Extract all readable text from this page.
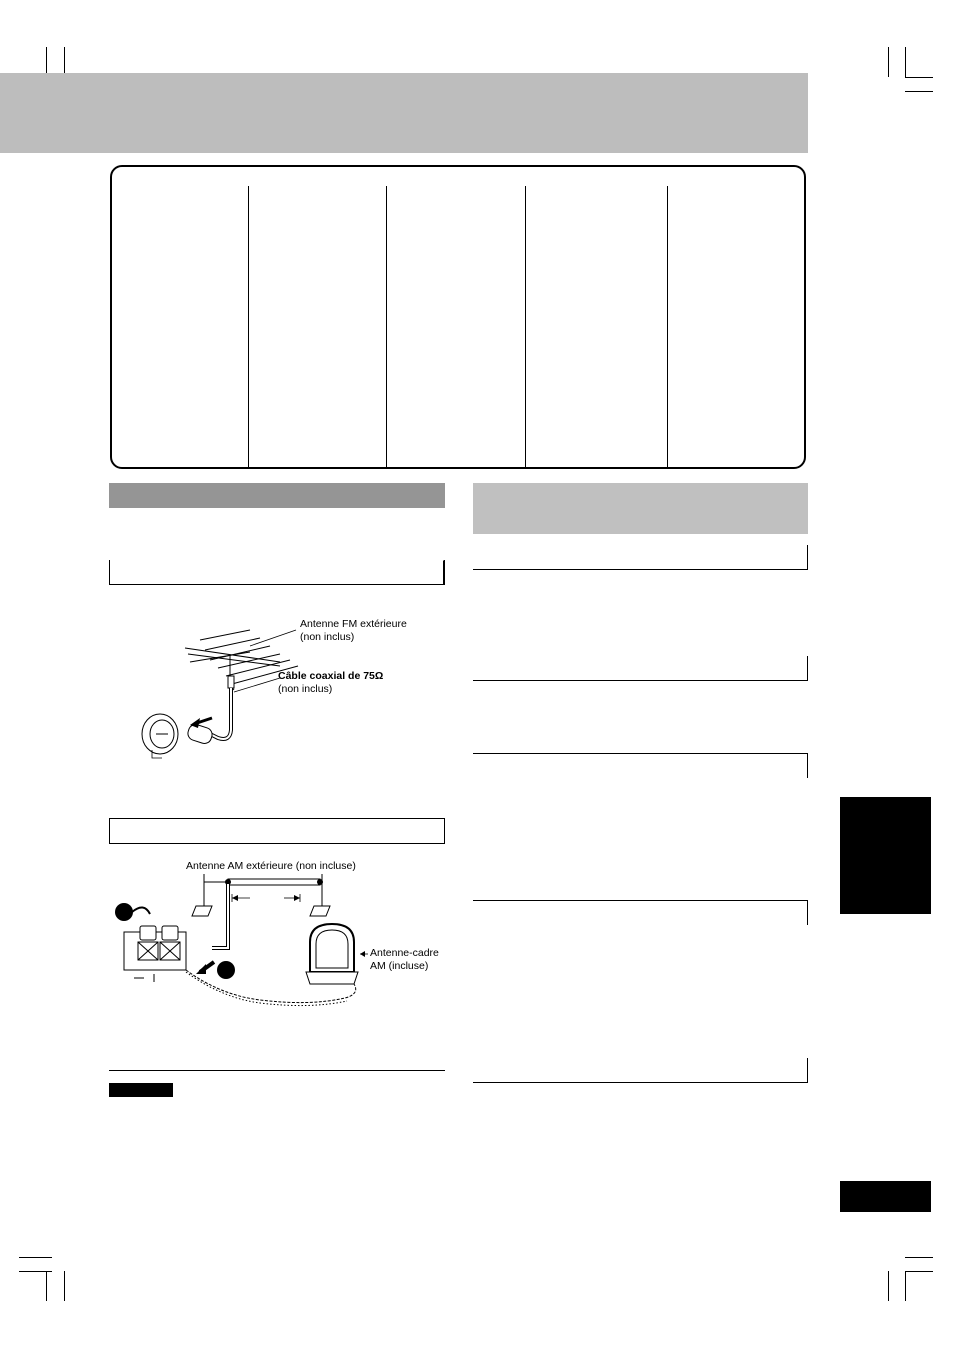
Antenne FM extérieure
(non inclus)
Câble coaxial de 75Ω
(non inclus)
Antenne AM extérieure (non incluse)
Antenne-cadre
AM (incluse)
